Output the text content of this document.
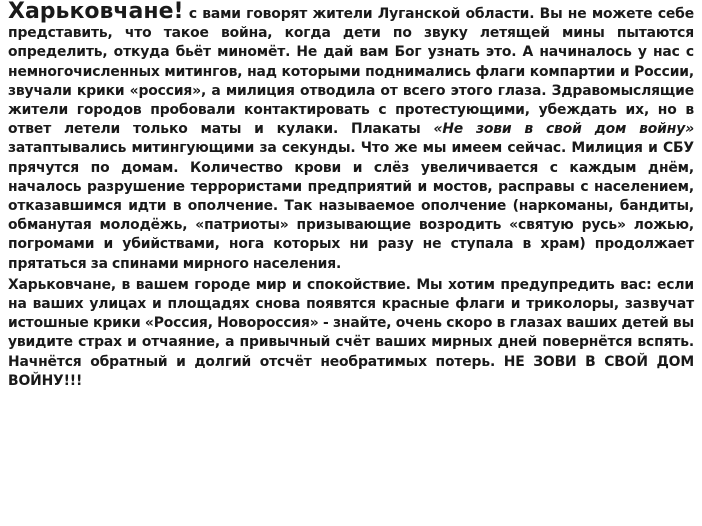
Харьковчане! с вами говорят жители Луганской области. Вы не можете себе представить, что такое война, когда дети по звуку летящей мины пытаются определить, откуда бьёт миномёт. Не дай вам Бог узнать это. А начиналось у нас с немногочисленных митингов, над которыми поднимались флаги компартии и России, звучали крики «россия», а милиция отводила от всего этого глаза. Здравомыслящие жители городов пробовали контактировать с протестующими, убеждать их, но в ответ летели только маты и кулаки. Плакаты «Не зови в свой дом войну» затаптывались митингующими за секунды. Что же мы имеем сейчас. Милиция и СБУ прячутся по домам. Количество крови и слёз увеличивается с каждым днём, началось разрушение террористами предприятий и мостов, расправы с населением, отказавшимся идти в ополчение. Так называемое ополчение (наркоманы, бандиты, обманутая молодёжь, «патриоты» призывающие возродить «святую русь» ложью, погромами и убийствами, нога которых ни разу не ступала в храм) продолжает прятаться за спинами мирного населения.

Харьковчане, в вашем городе мир и спокойствие. Мы хотим предупредить вас: если на ваших улицах и площадях снова появятся красные флаги и триколоры, зазвучат истошные крики «Россия, Новороссия» - знайте, очень скоро в глазах ваших детей вы увидите страх и отчаяние, а привычный счёт ваших мирных дней повернётся вспять. Начнётся обратный и долгий отсчёт необратимых потерь. НЕ ЗОВИ В СВОЙ ДОМ ВОЙНУ!!!
